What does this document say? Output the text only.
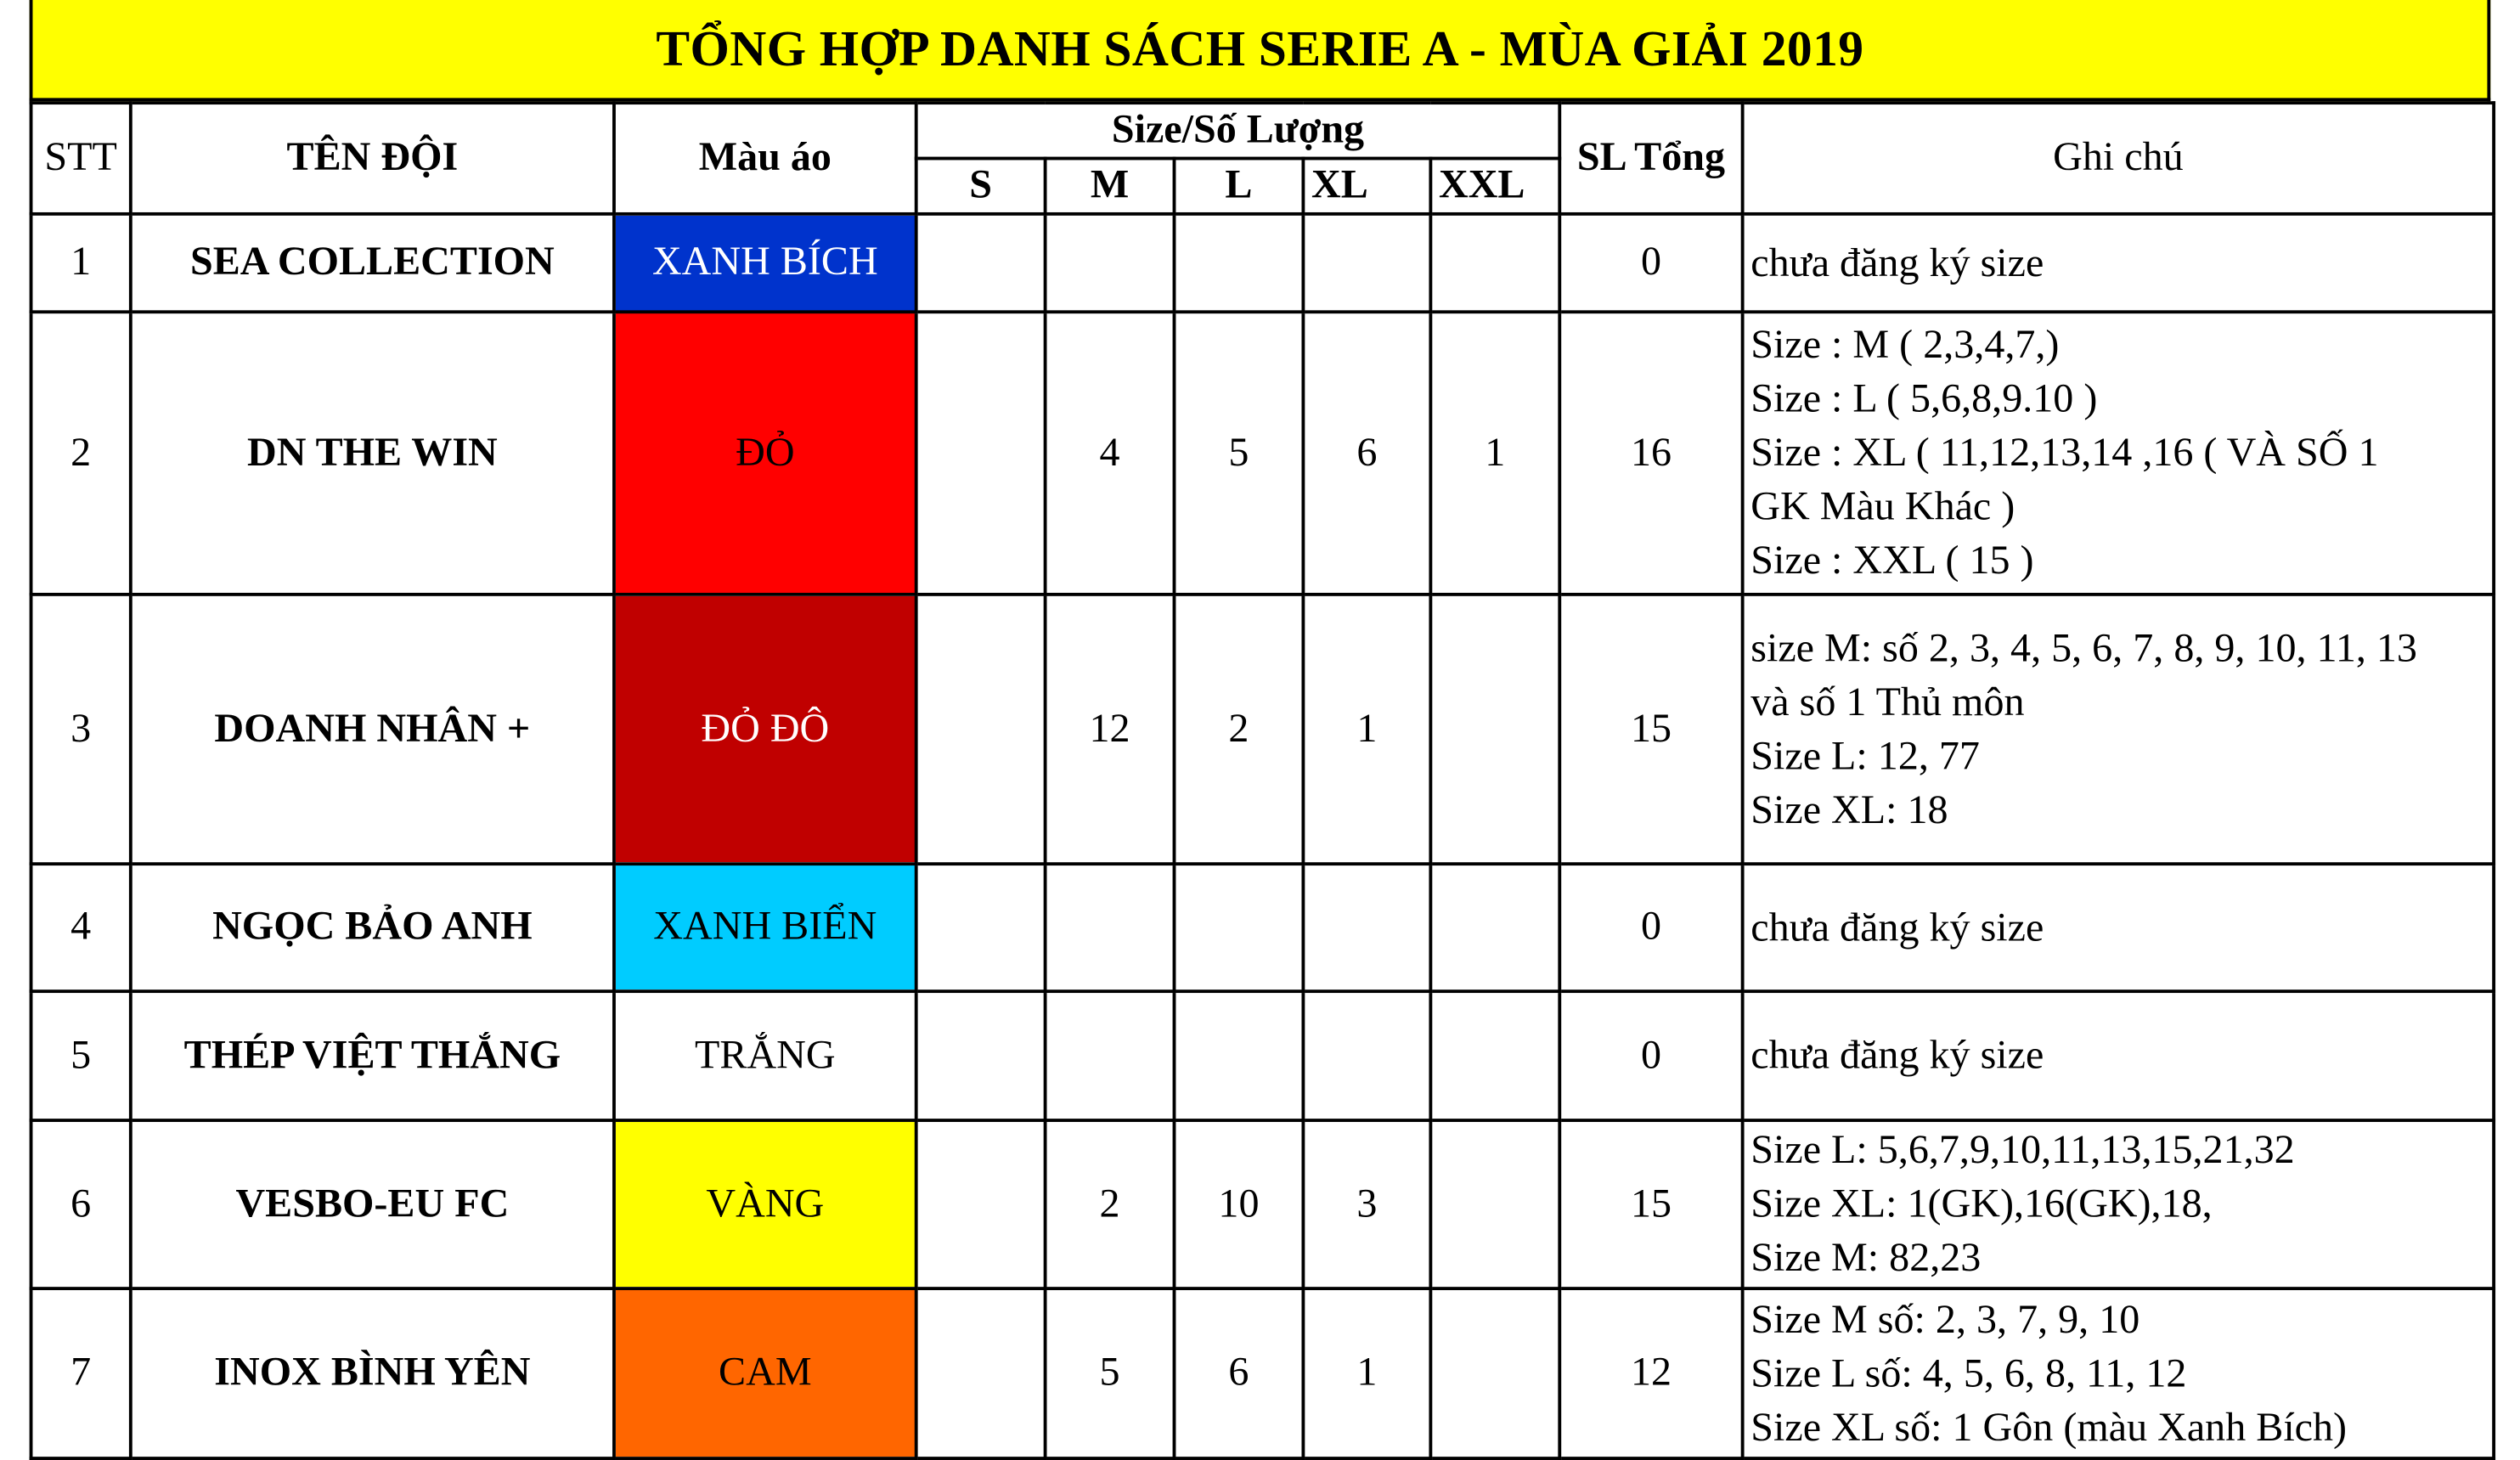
TỔNG HỢP DANH SÁCH SERIE A - MÙA GIẢI 2019
STT	TÊN ĐỘI	Màu áo	Size/Số Lượng					SL Tổng	Ghi chú
			S	M	L	XL	XXL		
1	SEA COLLECTION	XANH BÍCH						0	chưa đăng ký size

2	DN THE WIN	ĐỎ		4	5	6	1	16	Size : M ( 2,3,4,7,)
Size : L ( 5,6,8,9.10 )
Size : XL ( 11,12,13,14 ,16 ( VÀ SỐ 1
GK Màu Khác )
Size : XXL ( 15 )

3	DOANH NHÂN +	ĐỎ ĐÔ		12	2	1		15	size M: số 2, 3, 4, 5, 6, 7, 8, 9, 10, 11, 13
và số 1 Thủ môn
Size L: 12, 77
Size XL: 18

4	NGỌC BẢO ANH	XANH BIỂN						0	chưa đăng ký size

5	THÉP VIỆT THẮNG	TRẮNG						0	chưa đăng ký size

6	VESBO-EU FC	VÀNG		2	10	3		15	Size L: 5,6,7,9,10,11,13,15,21,32
Size XL: 1(GK),16(GK),18,
Size M: 82,23

7	INOX BÌNH YÊN	CAM		5	6	1		12	Size M số: 2, 3, 7, 9, 10
Size L số: 4, 5, 6, 8, 11, 12
Size XL số: 1 Gôn (màu Xanh Bích)
